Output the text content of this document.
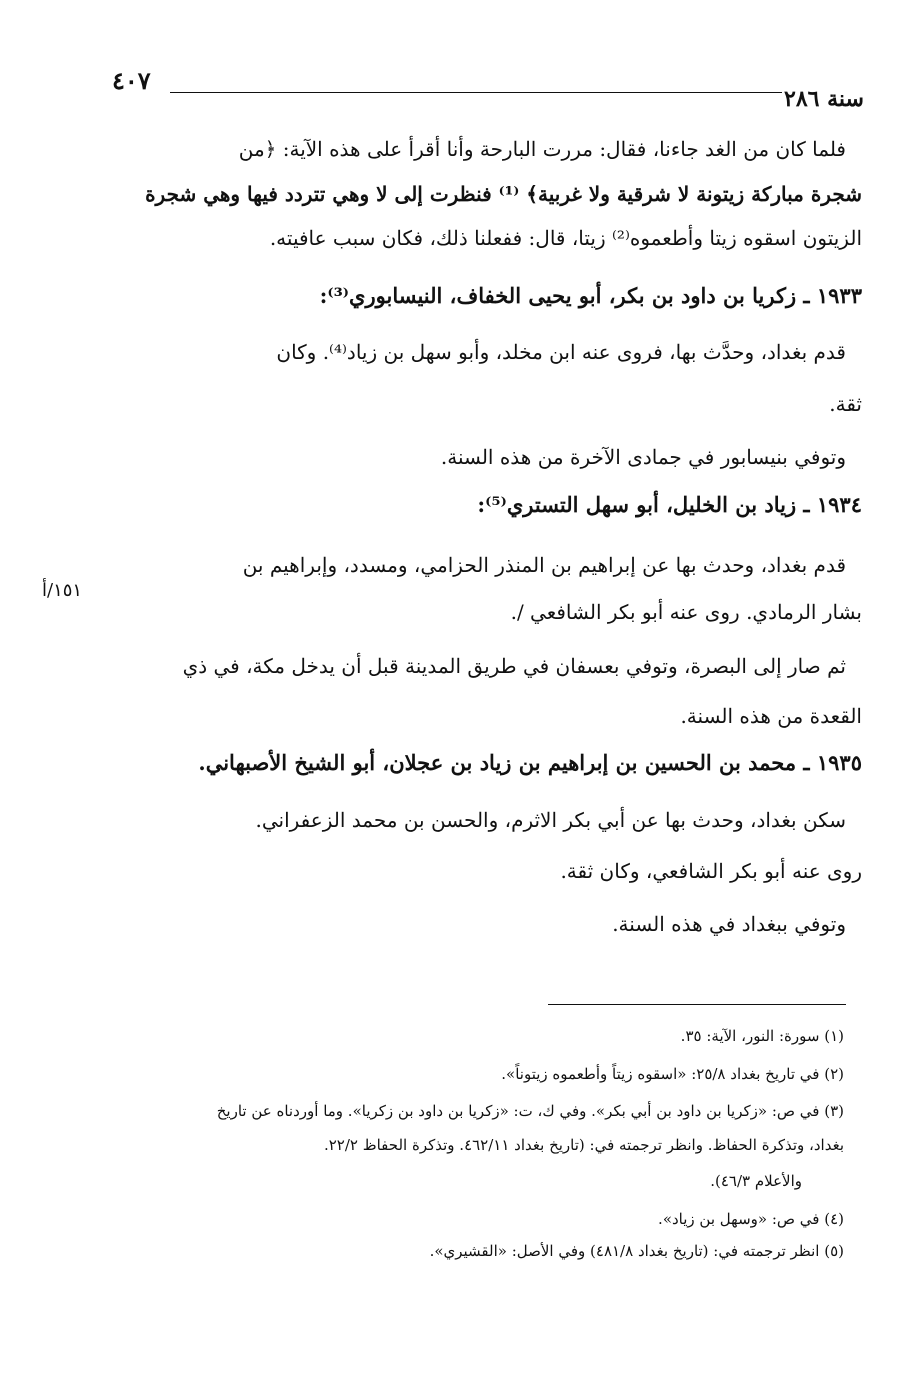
سنة ٢٨٦
٤٠٧
فلما كان من الغد جاءنا، فقال: مررت البارحة وأنا أقرأ على هذه الآية: ﴿من
شجرة مباركة زيتونة لا شرقية ولا غربية﴾ ⁽¹⁾ فنظرت إلى لا وهي تتردد فيها وهي شجرة
الزيتون اسقوه زيتا وأطعموه⁽²⁾ زيتا، قال: ففعلنا ذلك، فكان سبب عافيته.
١٩٣٣ ـ زكريا بن داود بن بكر، أبو يحيى الخفاف، النيسابوري⁽³⁾:
قدم بغداد، وحدَّث بها، فروى عنه ابن مخلد، وأبو سهل بن زياد⁽⁴⁾. وكان
ثقة.
وتوفي بنيسابور في جمادى الآخرة من هذه السنة.
١٩٣٤ ـ زياد بن الخليل، أبو سهل التستري⁽⁵⁾:
قدم بغداد، وحدث بها عن إبراهيم بن المنذر الحزامي، ومسدد، وإبراهيم بن
بشار الرمادي. روى عنه أبو بكر الشافعي /.
١٥١/أ
ثم صار إلى البصرة، وتوفي بعسفان في طريق المدينة قبل أن يدخل مكة، في ذي
القعدة من هذه السنة.
١٩٣٥ ـ محمد بن الحسين بن إبراهيم بن زياد بن عجلان، أبو الشيخ الأصبهاني.
سكن بغداد، وحدث بها عن أبي بكر الاثرم، والحسن بن محمد الزعفراني.
روى عنه أبو بكر الشافعي، وكان ثقة.
وتوفي ببغداد في هذه السنة.
(١) سورة: النور، الآية: ٣٥.
(٢) في تاريخ بغداد ٢٥/٨: «اسقوه زيتاً وأطعموه زيتوناً».
(٣) في ص: «زكريا بن داود بن أبي بكر». وفي ك، ت: «زكريا بن داود بن زكريا». وما أوردناه عن تاريخ
بغداد، وتذكرة الحفاظ. وانظر ترجمته في: (تاريخ بغداد ٤٦٢/١١. وتذكرة الحفاظ ٢٢/٢.
والأعلام ٤٦/٣).
(٤) في ص: «وسهل بن زياد».
(٥) انظر ترجمته في: (تاريخ بغداد ٤٨١/٨) وفي الأصل: «القشيري».
